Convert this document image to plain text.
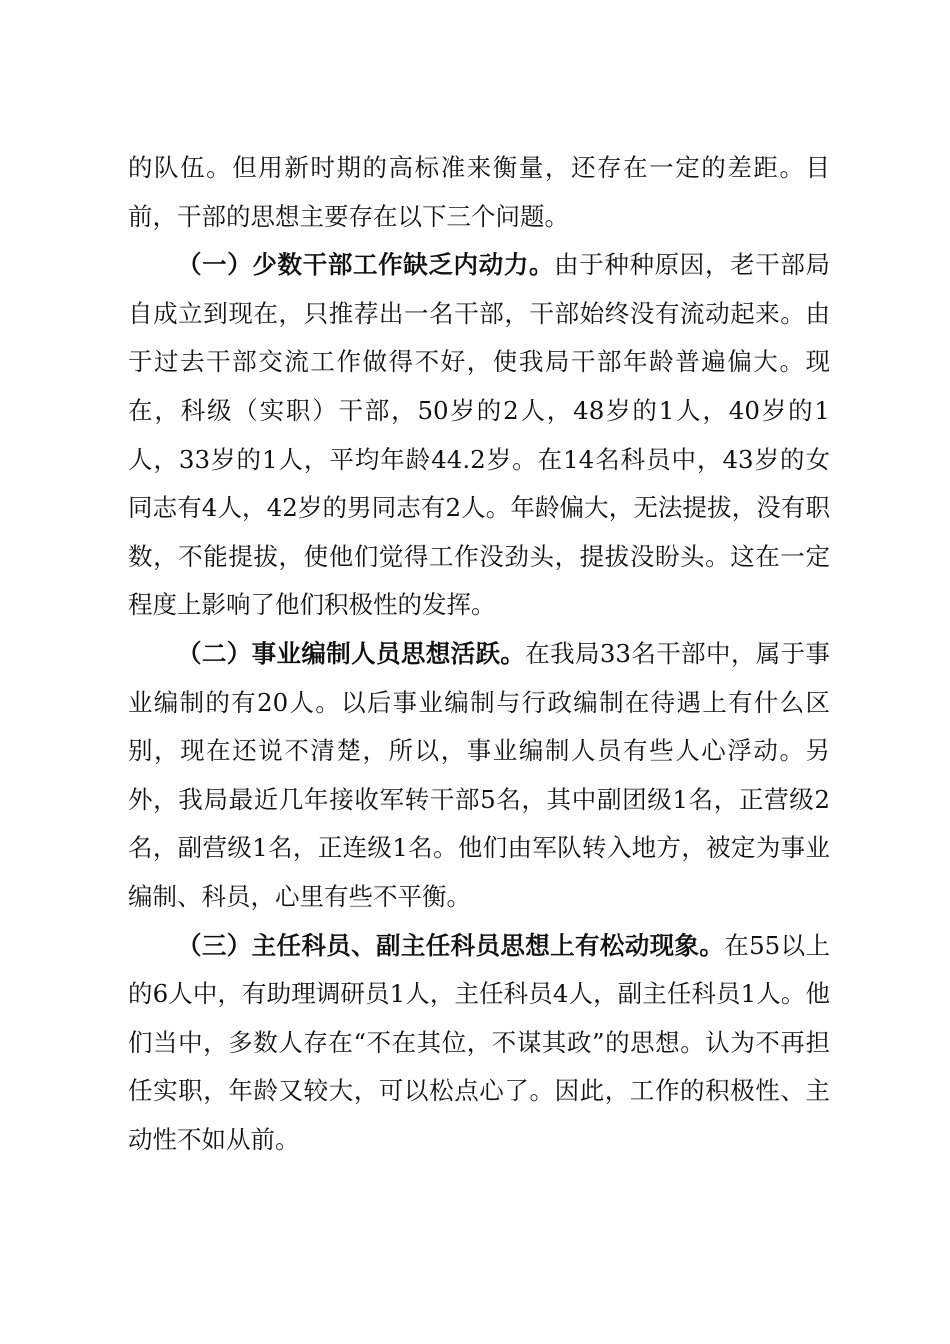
的队伍。但用新时期的高标准来衡量，还存在一定的差距。目前，干部的思想主要存在以下三个问题。

（一）少数干部工作缺乏内动力。由于种种原因，老干部局自成立到现在，只推荐出一名干部，干部始终没有流动起来。由于过去干部交流工作做得不好，使我局干部年龄普遍偏大。现在，科级（实职）干部，50岁的2人，48岁的1人，40岁的1人，33岁的1人，平均年龄44.2岁。在14名科员中，43岁的女同志有4人，42岁的男同志有2人。年龄偏大，无法提拔，没有职数，不能提拔，使他们觉得工作没劲头，提拔没盼头。这在一定程度上影响了他们积极性的发挥。

（二）事业编制人员思想活跃。在我局33名干部中，属于事业编制的有20人。以后事业编制与行政编制在待遇上有什么区别，现在还说不清楚，所以，事业编制人员有些人心浮动。另外，我局最近几年接收军转干部5名，其中副团级1名，正营级2名，副营级1名，正连级1名。他们由军队转入地方，被定为事业编制、科员，心里有些不平衡。

（三）主任科员、副主任科员思想上有松动现象。在55以上的6人中，有助理调研员1人，主任科员4人，副主任科员1人。他们当中，多数人存在“不在其位，不谋其政”的思想。认为不再担任实职，年龄又较大，可以松点心了。因此，工作的积极性、主动性不如从前。
